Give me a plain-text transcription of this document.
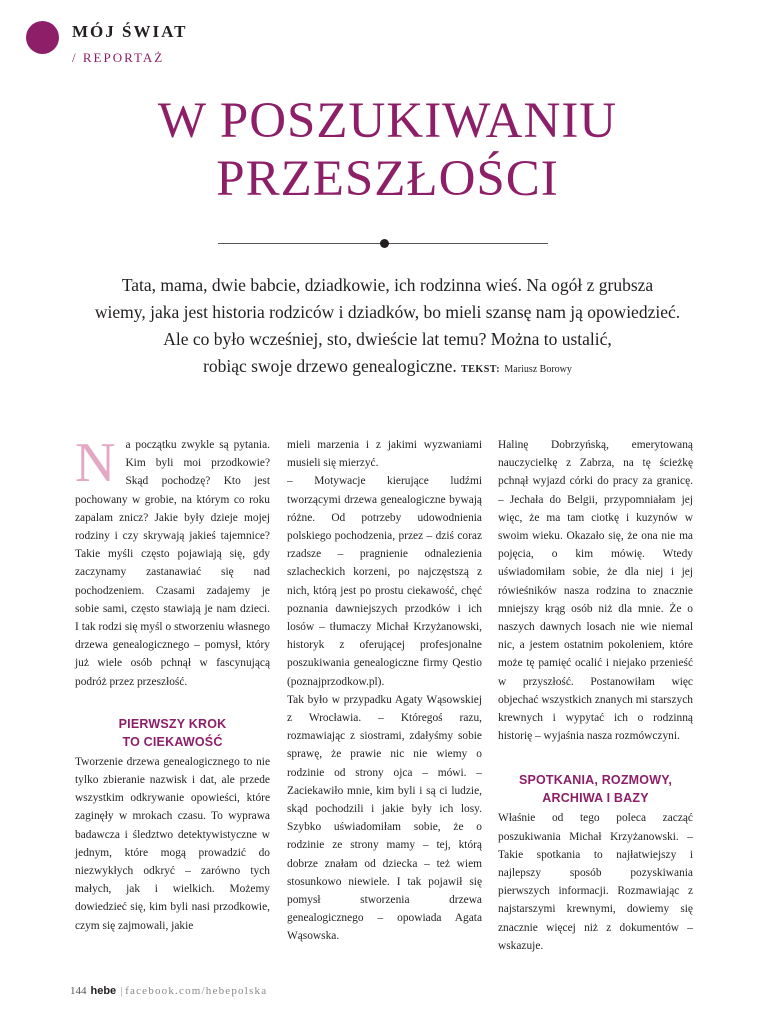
MÓJ ŚWIAT
/ REPORTAŻ
W POSZUKIWANIU
PRZESZŁOŚCI
Tata, mama, dwie babcie, dziadkowie, ich rodzinna wieś. Na ogół z grubsza
wiemy, jaka jest historia rodziców i dziadków, bo mieli szansę nam ją opowiedzieć.
Ale co było wcześniej, sto, dwieście lat temu? Można to ustalić,
robiąc swoje drzewo genealogiczne. TEKST: Mariusz Borowy

Na początku zwykle są pytania. Kim byli moi przodkowie? Skąd pochodzę? Kto jest pochowany w grobie, na którym co roku zapalam znicz? Jakie były dzieje mojej rodziny i czy skrywają jakieś tajemnice? Takie myśli często pojawiają się, gdy zaczynamy zastanawiać się nad pochodzeniem. Czasami zadajemy je sobie sami, często stawiają je nam dzieci. I tak rodzi się myśl o stworzeniu własnego drzewa genealogicznego – pomysł, który już wiele osób pchnął w fascynującą podróż przez przeszłość.

PIERWSZY KROK
TO CIEKAWOŚĆ

Tworzenie drzewa genealogicznego to nie tylko zbieranie nazwisk i dat, ale przede wszystkim odkrywanie opowieści, które zaginęły w mrokach czasu. To wyprawa badawcza i śledztwo detektywistyczne w jednym, które mogą prowadzić do niezwykłych odkryć – zarówno tych małych, jak i wielkich. Możemy dowiedzieć się, kim byli nasi przodkowie, czym się zajmowali, jakie

mieli marzenia i z jakimi wyzwaniami musieli się mierzyć.

– Motywacje kierujące ludźmi tworzącymi drzewa genealogiczne bywają różne. Od potrzeby udowodnienia polskiego pochodzenia, przez – dziś coraz rzadsze – pragnienie odnalezienia szlacheckich korzeni, po najczęstszą z nich, którą jest po prostu ciekawość, chęć poznania dawniejszych przodków i ich losów – tłumaczy Michał Krzyżanowski, historyk z oferującej profesjonalne poszukiwania genealogiczne firmy Qestio (poznajprzodkow.pl).

Tak było w przypadku Agaty Wąsowskiej z Wrocławia. – Któregoś razu, rozmawiając z siostrami, zdałyśmy sobie sprawę, że prawie nic nie wiemy o rodzinie od strony ojca – mówi. – Zaciekawiło mnie, kim byli i są ci ludzie, skąd pochodzili i jakie były ich losy. Szybko uświadomiłam sobie, że o rodzinie ze strony mamy – tej, którą dobrze znałam od dziecka – też wiem stosunkowo niewiele. I tak pojawił się pomysł stworzenia drzewa genealogicznego – opowiada Agata Wąsowska.

Halinę Dobrzyńską, emerytowaną nauczycielkę z Zabrza, na tę ścieżkę pchnął wyjazd córki do pracy za granicę. – Jechała do Belgii, przypomniałam jej więc, że ma tam ciotkę i kuzynów w swoim wieku. Okazało się, że ona nie ma pojęcia, o kim mówię. Wtedy uświadomiłam sobie, że dla niej i jej rówieśników nasza rodzina to znacznie mniejszy krąg osób niż dla mnie. Że o naszych dawnych losach nie wie niemal nic, a jestem ostatnim pokoleniem, które może tę pamięć ocalić i niejako przenieść w przyszłość. Postanowiłam więc objechać wszystkich znanych mi starszych krewnych i wypytać ich o rodzinną historię – wyjaśnia nasza rozmówczyni.

SPOTKANIA, ROZMOWY,
ARCHIWA I BAZY

Właśnie od tego poleca zacząć poszukiwania Michał Krzyżanowski. – Takie spotkania to najłatwiejszy i najlepszy sposób pozyskiwania pierwszych informacji. Rozmawiając z najstarszymi krewnymi, dowiemy się znacznie więcej niż z dokumentów – wskazuje.

144 hebe | facebook.com/hebepolska
